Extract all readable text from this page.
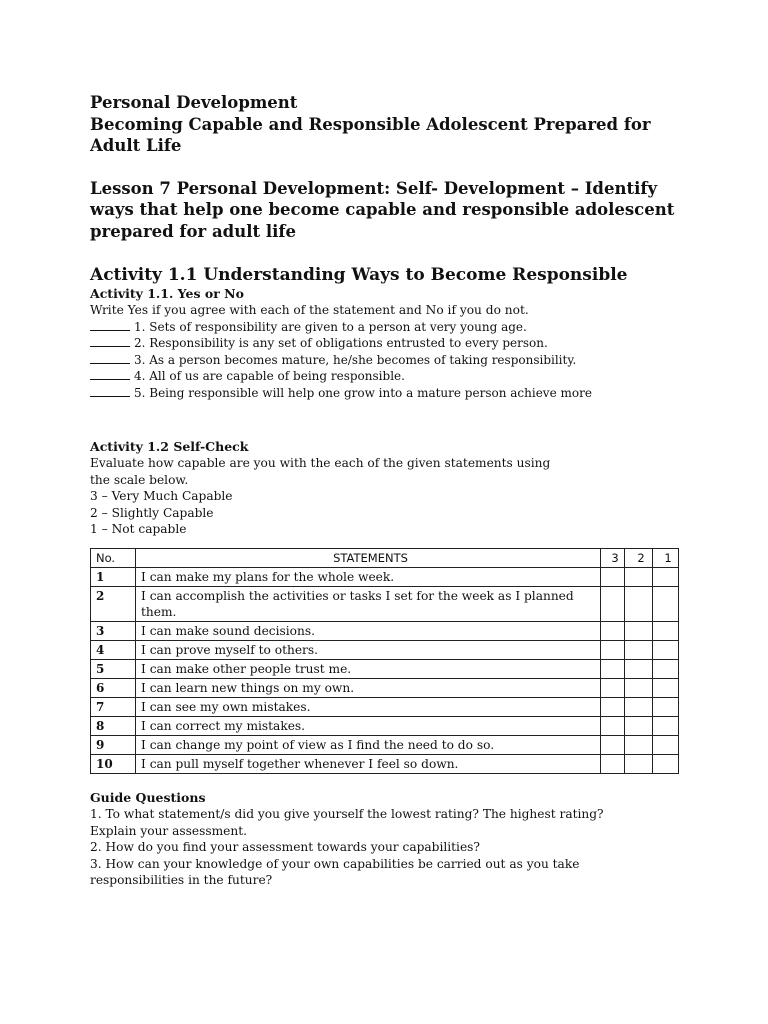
Personal Development
Becoming Capable and Responsible Adolescent Prepared for
Adult Life
Lesson 7 Personal Development: Self- Development – Identify
ways that help one become capable and responsible adolescent
prepared for adult life
Activity 1.1 Understanding Ways to Become Responsible
Activity 1.1. Yes or No
Write Yes if you agree with each of the statement and No if you do not.
1. Sets of responsibility are given to a person at very young age.
2. Responsibility is any set of obligations entrusted to every person.
3. As a person becomes mature, he/she becomes of taking responsibility.
4. All of us are capable of being responsible.
5. Being responsible will help one grow into a mature person achieve more
Activity 1.2 Self-Check
Evaluate how capable are you with the each of the given statements using
the scale below.
3 – Very Much Capable
2 – Slightly Capable
1 – Not capable
No.	STATEMENTS	3	2	1
1	I can make my plans for the whole week.			
2	I can accomplish the activities or tasks I set for the week as I planned them.			
3	I can make sound decisions.			
4	I can prove myself to others.			
5	I can make other people trust me.			
6	I can learn new things on my own.			
7	I can see my own mistakes.			
8	I can correct my mistakes.			
9	I can change my point of view as I find the need to do so.			
10	I can pull myself together whenever I feel so down.			
Guide Questions
1. To what statement/s did you give yourself the lowest rating? The highest rating?
Explain your assessment.
2. How do you find your assessment towards your capabilities?
3. How can your knowledge of your own capabilities be carried out as you take
responsibilities in the future?
